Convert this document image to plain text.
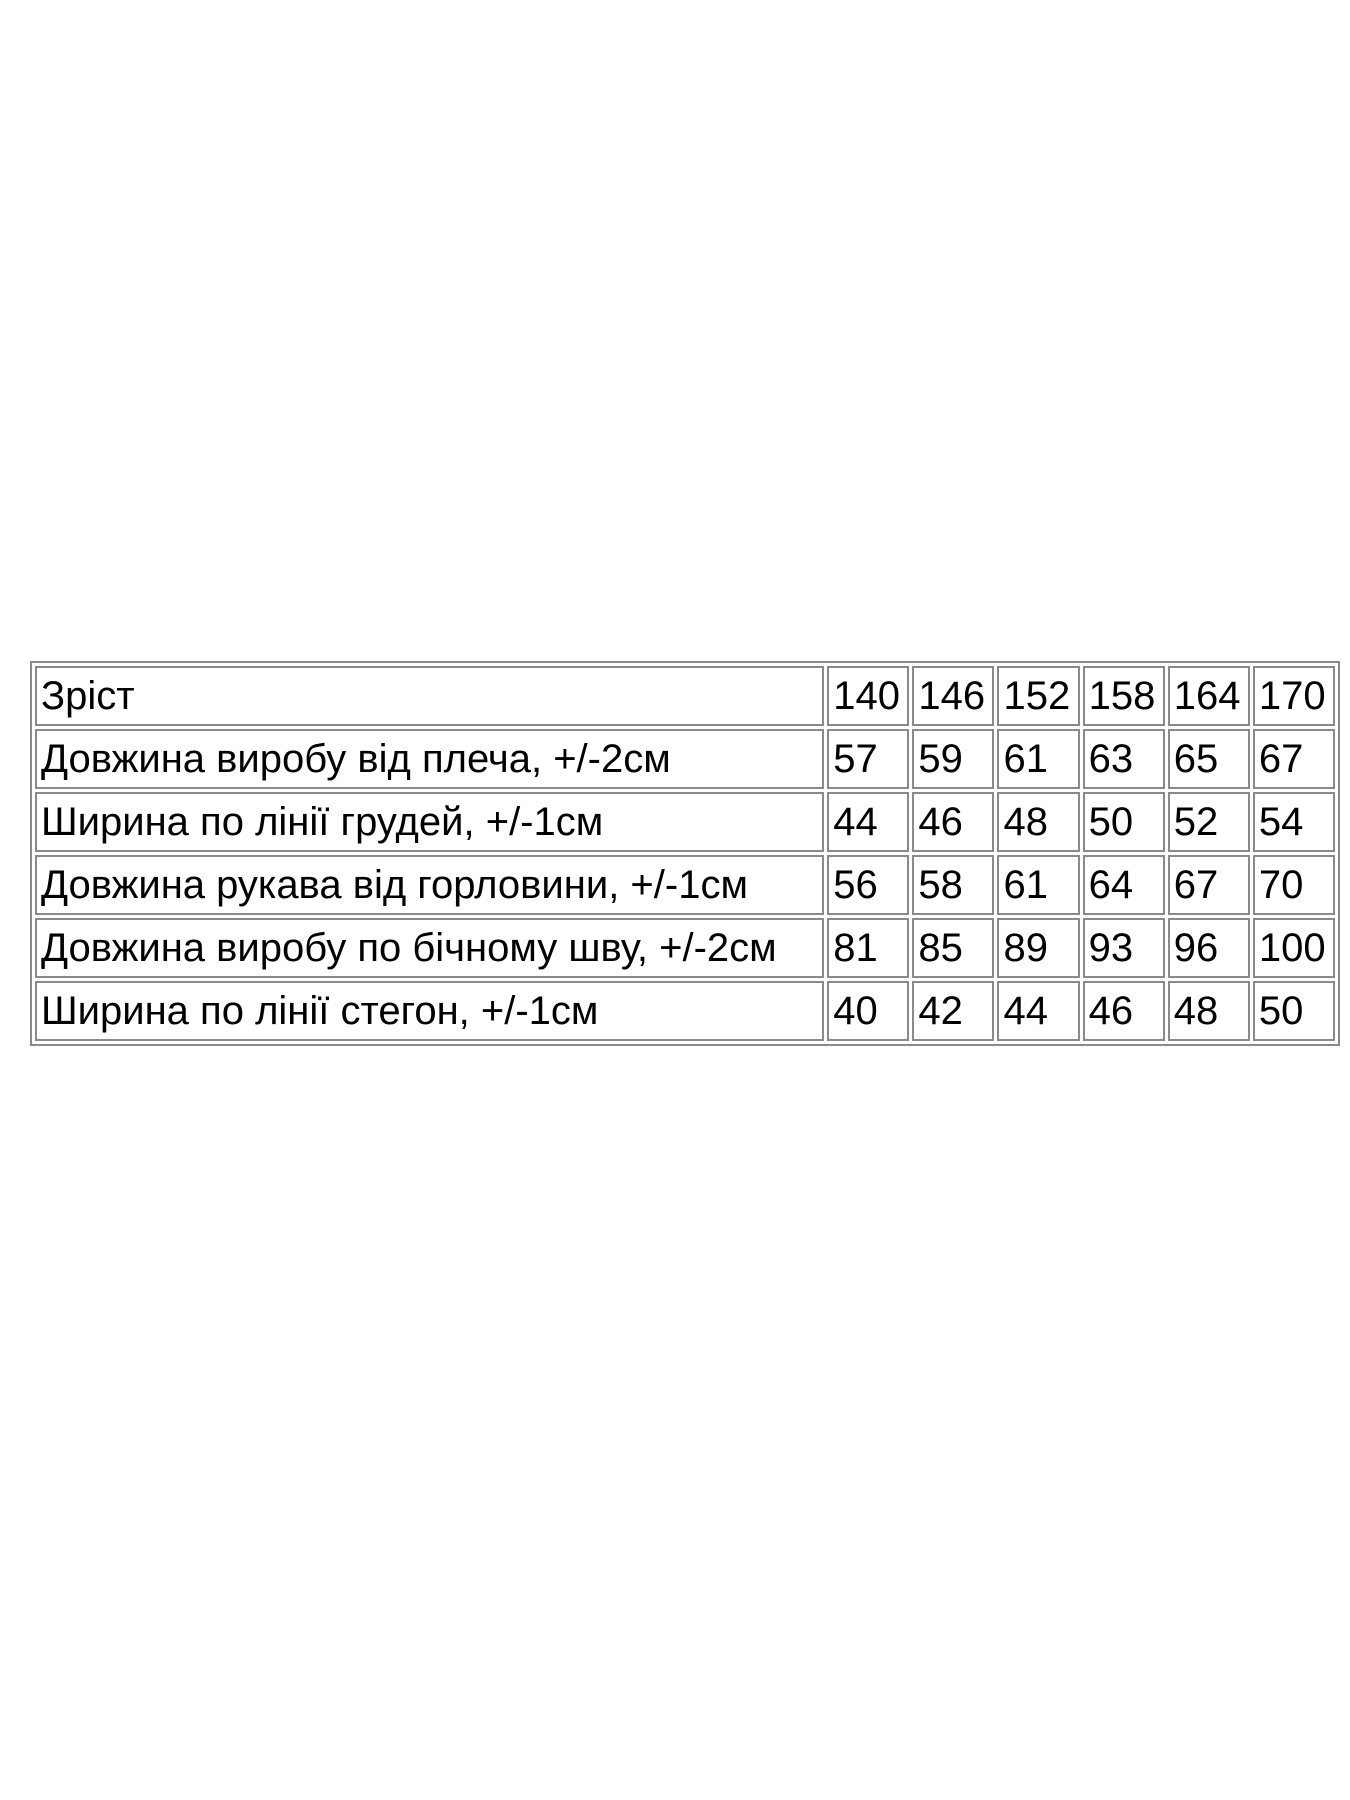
Зріст	140	146	152	158	164	170
Довжина виробу від плеча, +/-2см	57	59	61	63	65	67
Ширина по лінії грудей, +/-1см	44	46	48	50	52	54
Довжина рукава від горловини, +/-1см	56	58	61	64	67	70
Довжина виробу по бічному шву, +/-2см	81	85	89	93	96	100
Ширина по лінії стегон, +/-1см	40	42	44	46	48	50
